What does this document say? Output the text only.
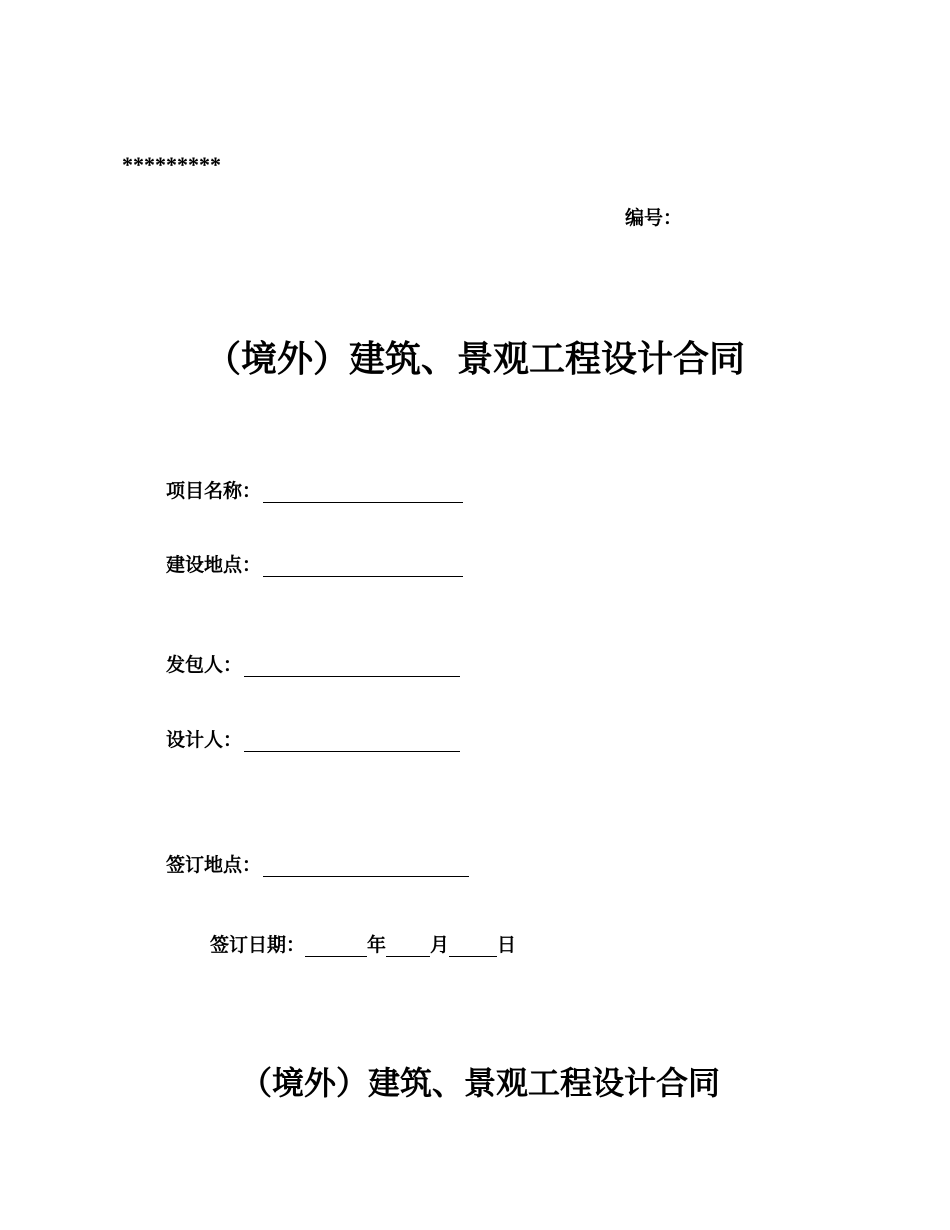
*********
编号：
（境外）建筑、景观工程设计合同
项目名称：
建设地点：
发包人：
设计人：
签订地点：
签订日期：	年 月	日
（境外）建筑、景观工程设计合同
